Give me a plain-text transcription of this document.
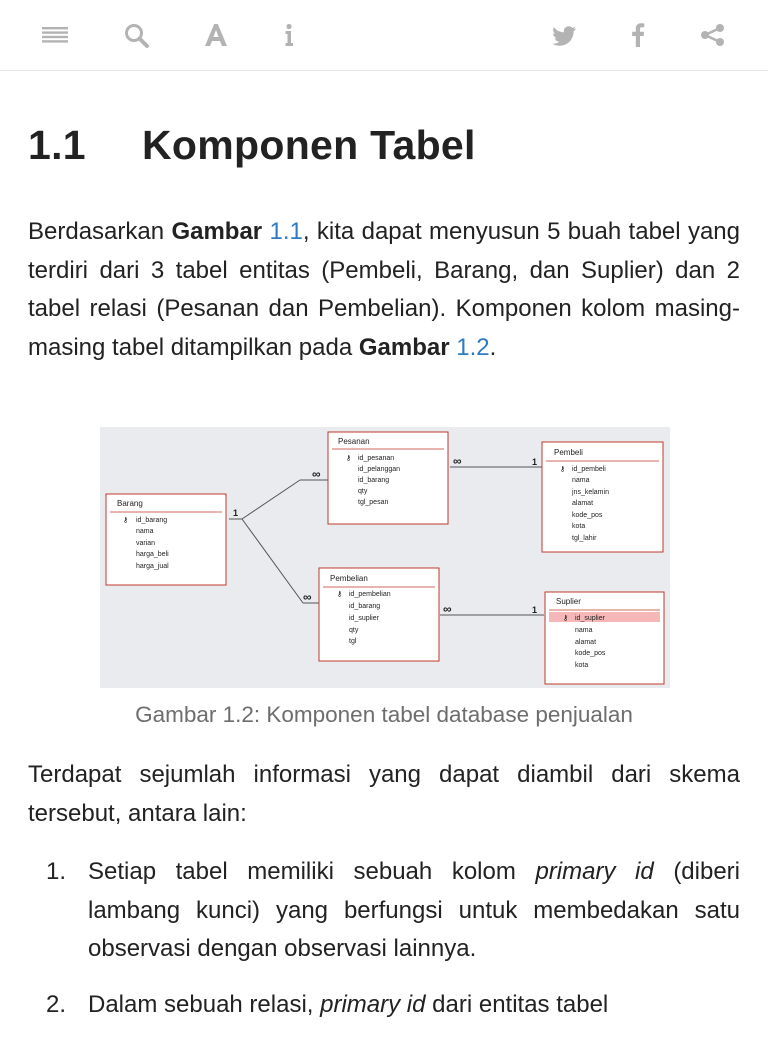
1.1 Komponen Tabel

Berdasarkan Gambar 1.1, kita dapat menyusun 5 buah tabel yang terdiri dari 3 tabel entitas (Pembeli, Barang, dan Suplier) dan 2 tabel relasi (Pesanan dan Pembelian). Komponen kolom masing-masing tabel ditampilkan pada Gambar 1.2.

1
1
1
∞
∞
∞
∞
Pesanan
⚷ id_pesanan
id_pelanggan
id_barang
qty
tgl_pesan
Pembeli
⚷ id_pembeli
nama
jns_kelamin
alamat
kode_pos
kota
tgl_lahir
Barang
⚷ id_barang
nama
varian
harga_beli
harga_jual
Pembelian
⚷ id_pembelian
id_barang
id_suplier
qty
tgl
Suplier
⚷ id_suplier
nama
alamat
kode_pos
kota
Gambar 1.2: Komponen tabel database penjualan

Terdapat sejumlah informasi yang dapat diambil dari skema tersebut, antara lain:

1. Setiap tabel memiliki sebuah kolom primary id (diberi lambang kunci) yang berfungsi untuk membedakan satu observasi dengan observasi lainnya.
2. Dalam sebuah relasi, primary id dari entitas tabel
